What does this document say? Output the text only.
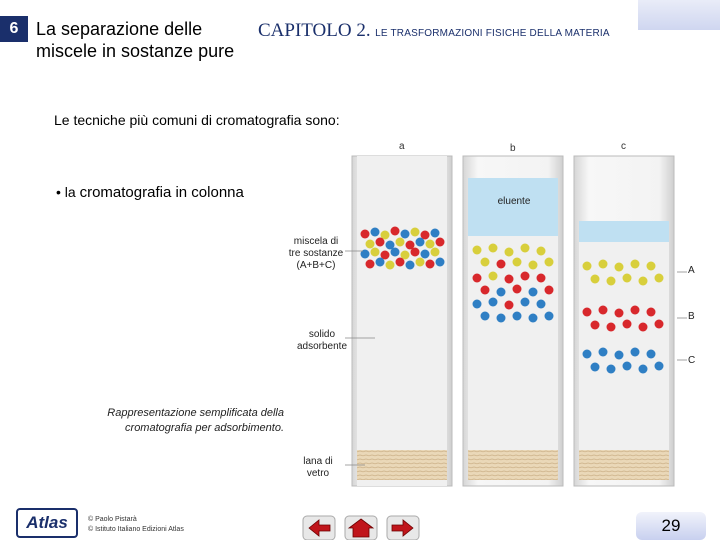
6 La separazione delle
miscele in sostanze pure
CAPITOLO 2. LE TRASFORMAZIONI FISICHE DELLA MATERIA
Le tecniche più comuni di cromatografia sono:
• la cromatografia in colonna
a	b	c
miscela di
tre sostanze
(A+B+C)
solido
adsorbente
lana di
vetro
eluente
A
B
C
Rappresentazione semplificata della
cromatografia per adsorbimento.
Atlas	© Paolo Pistarà
© Istituto Italiano Edizioni Atlas	29
